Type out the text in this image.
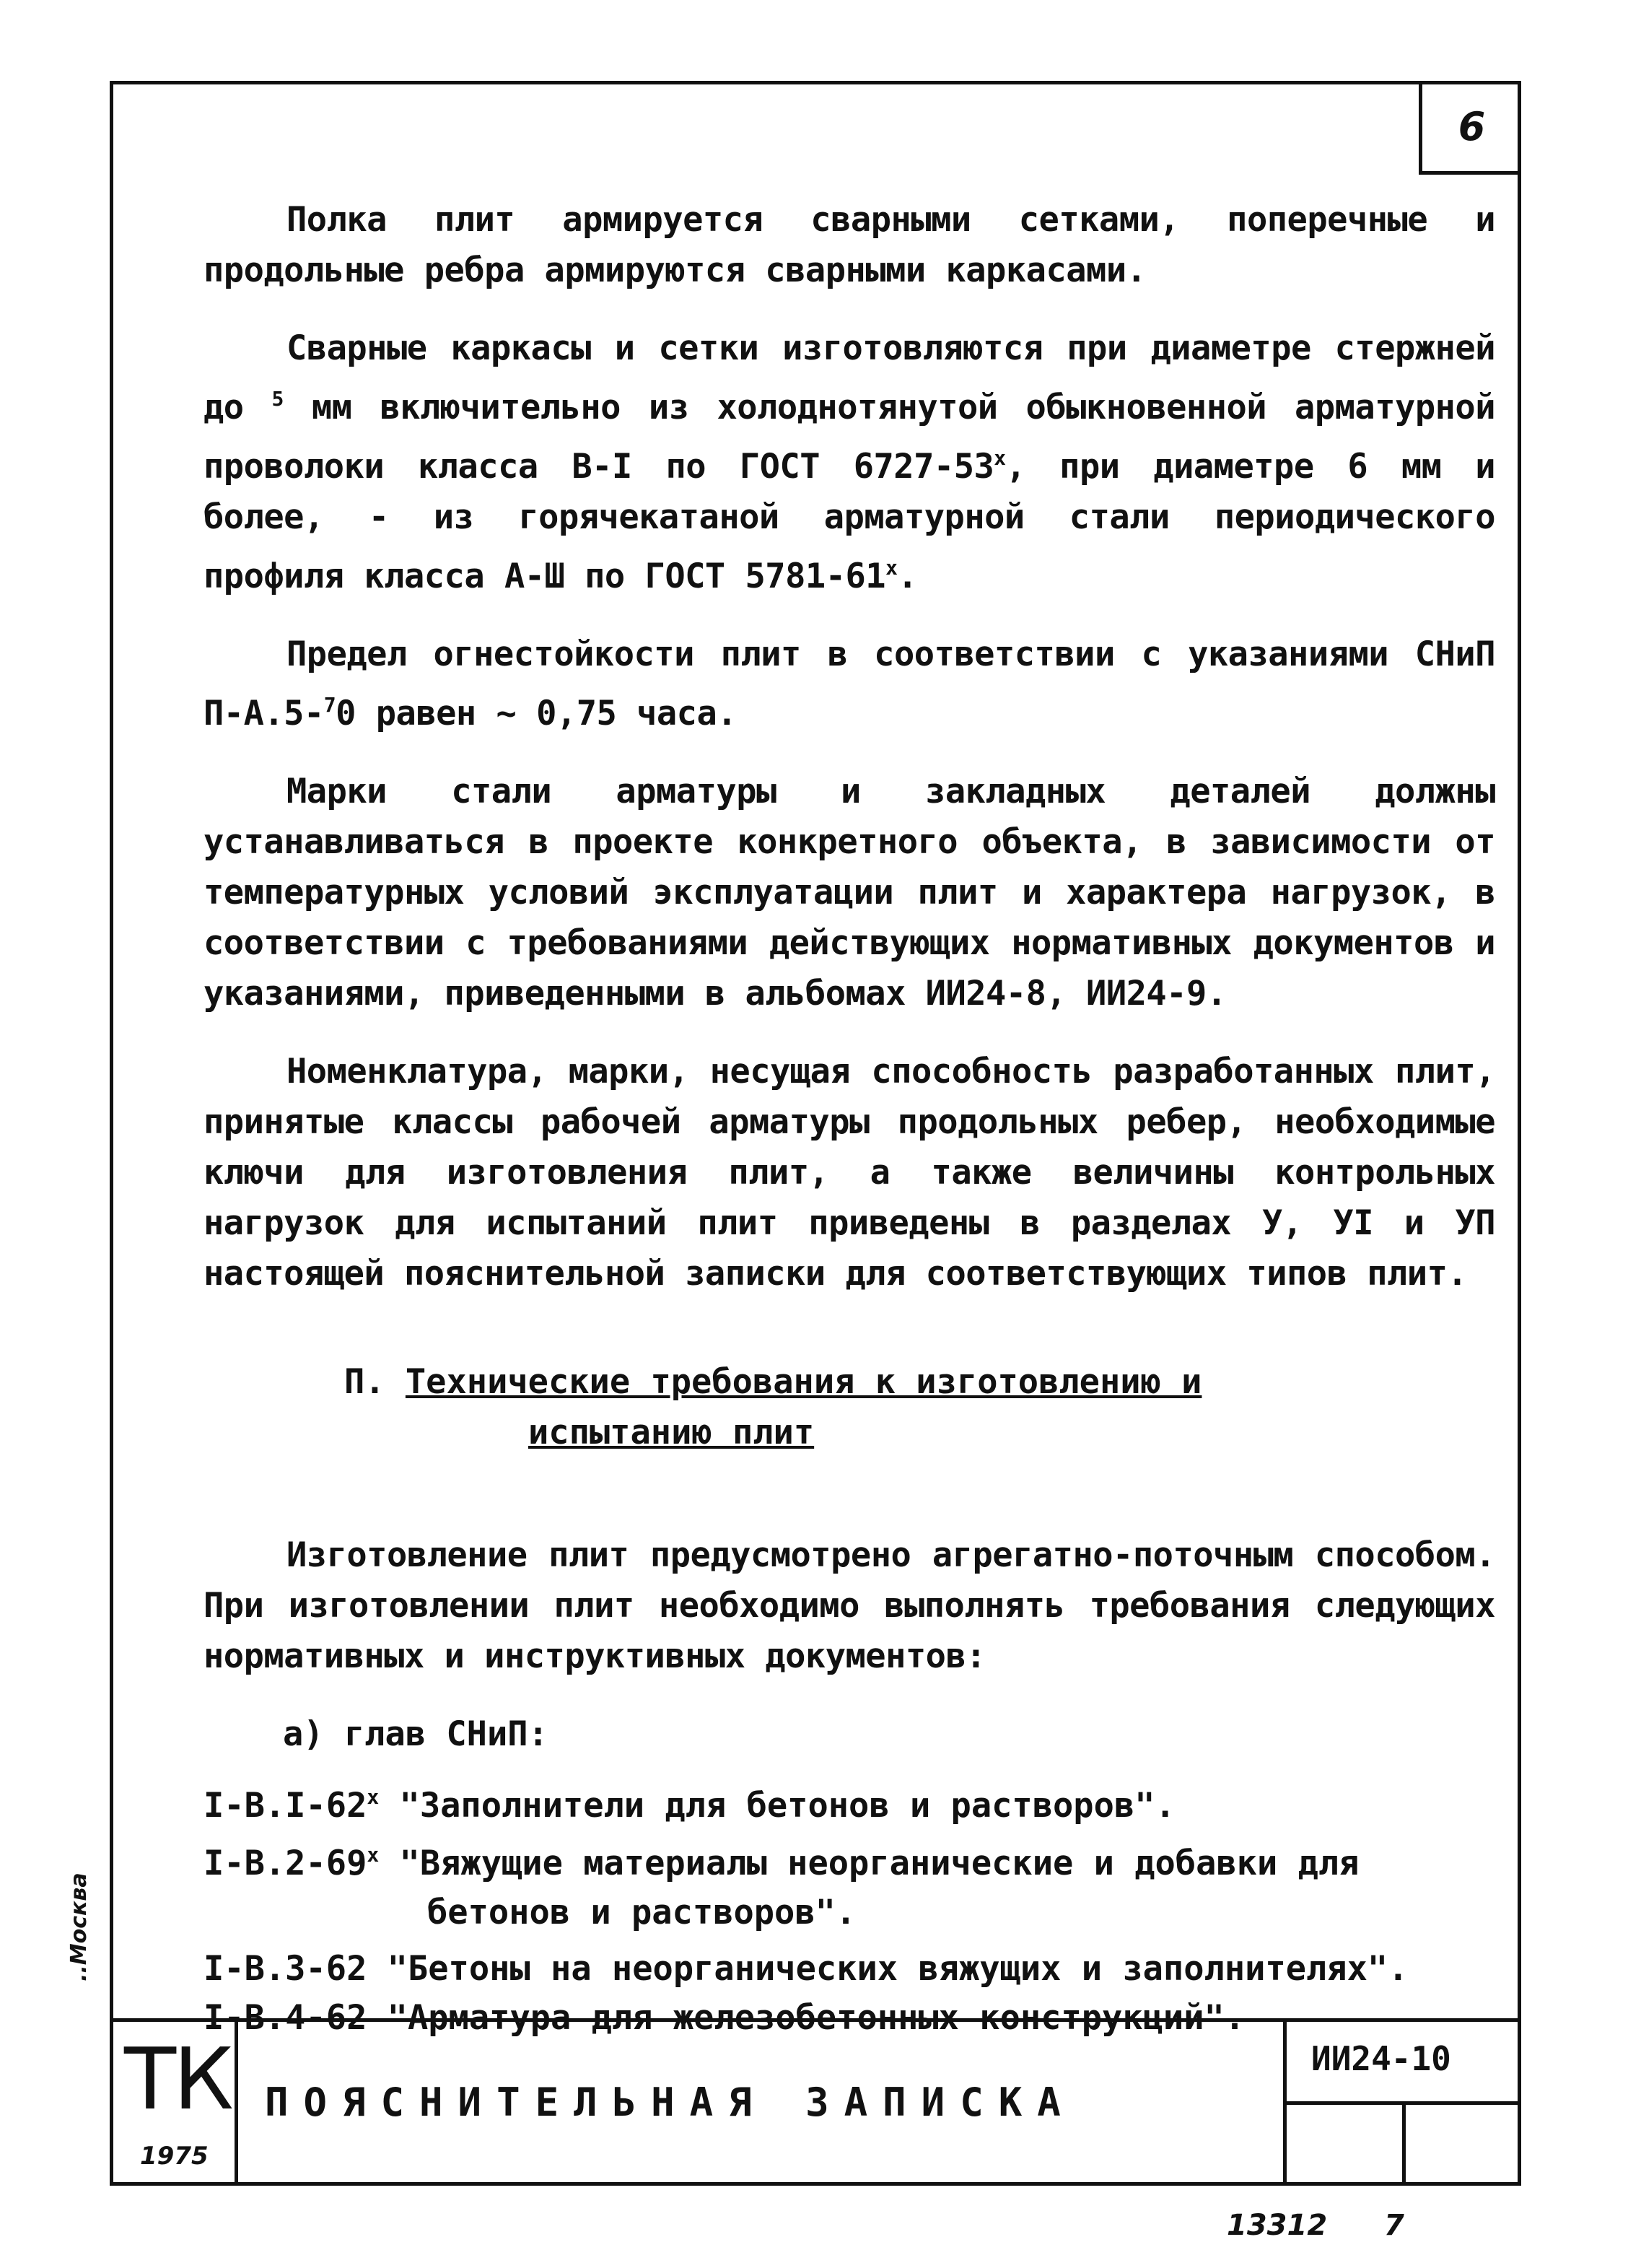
6

Полка плит армируется сварными сетками, поперечные и продольные ребра армируются сварными каркасами.

Сварные каркасы и сетки изготовляются при диаметре стержней до $^5$ мм включительно из холоднотянутой обыкновенной арматурной проволоки класса В-I по ГОСТ 6727-53$^x$, при диаметре 6 мм и более, - из горячекатаной арматурной стали периодического профиля класса А-Ш по ГОСТ 5781-61$^x$.

Предел огнестойкости плит в соответствии с указаниями СНиП П-А.5-$^7$0 равен ~ 0,75 часа.

Марки стали арматуры и закладных деталей должны устанавливаться в проекте конкретного объекта, в зависимости от температурных условий эксплуатации плит и характера нагрузок, в соответствии с требованиями действующих нормативных документов и указаниями, приведенными в альбомах ИИ24-8, ИИ24-9.

Номенклатура, марки, несущая способность разработанных плит, принятые классы рабочей арматуры продольных ребер, необходимые ключи для изготовления плит, а также величины контрольных нагрузок для испытаний плит приведены в разделах У, УI и УП настоящей пояснительной записки для соответствующих типов плит.

П. Технические требования к изготовлению и
испытанию плит

Изготовление плит предусмотрено агрегатно-поточным способом. При изготовлении плит необходимо выполнять требования следующих нормативных и инструктивных документов:

а) глав СНиП:

I-В.I-62$^x$ "Заполнители для бетонов и растворов".

I-В.2-69$^x$ "Вяжущие материалы неорганические и добавки для
бетонов и растворов".

I-В.3-62 "Бетоны на неорганических вяжущих и заполнителях".

I-В.4-62 "Арматура для железобетонных конструкций".

ТК
1975
ПОЯСНИТЕЛЬНАЯ ЗАПИСКА
ИИ24-10
..Москва
13312 7
